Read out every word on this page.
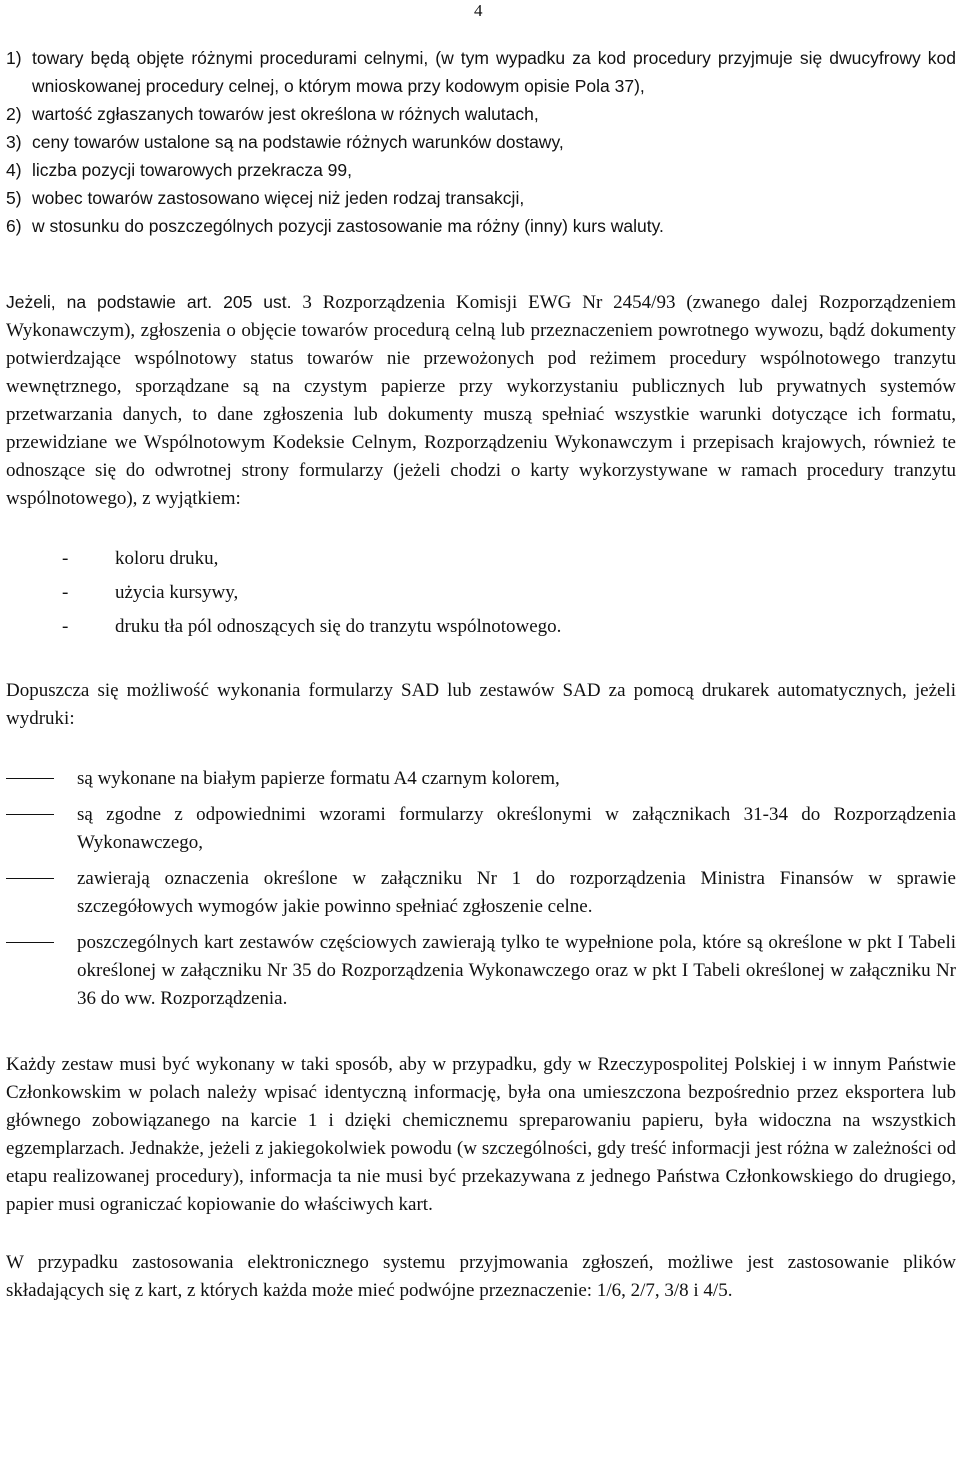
4
1) towary będą objęte różnymi procedurami celnymi, (w tym wypadku za kod procedury przyjmuje się dwucyfrowy kod wnioskowanej procedury celnej, o którym mowa przy kodowym opisie Pola 37),
2) wartość zgłaszanych towarów jest określona w różnych walutach,
3) ceny towarów ustalone są na podstawie różnych warunków dostawy,
4) liczba pozycji towarowych przekracza 99,
5) wobec towarów zastosowano więcej niż jeden rodzaj transakcji,
6) w stosunku do poszczególnych pozycji zastosowanie ma różny (inny) kurs waluty.

Jeżeli, na podstawie art. 205 ust. 3 Rozporządzenia Komisji EWG Nr 2454/93 (zwanego dalej Rozporządzeniem Wykonawczym), zgłoszenia o objęcie towarów procedurą celną lub przeznaczeniem powrotnego wywozu, bądź dokumenty potwierdzające wspólnotowy status towarów nie przewożonych pod reżimem procedury wspólnotowego tranzytu wewnętrznego, sporządzane są na czystym papierze przy wykorzystaniu publicznych lub prywatnych systemów przetwarzania danych, to dane zgłoszenia lub dokumenty muszą spełniać wszystkie warunki dotyczące ich formatu, przewidziane we Wspólnotowym Kodeksie Celnym, Rozporządzeniu Wykonawczym i przepisach krajowych, również te odnoszące się do odwrotnej strony formularzy (jeżeli chodzi o karty wykorzystywane w ramach procedury tranzytu wspólnotowego), z wyjątkiem:

- koloru druku,
- użycia kursywy,
- druku tła pól odnoszących się do tranzytu wspólnotowego.

Dopuszcza się możliwość wykonania formularzy SAD lub zestawów SAD za pomocą drukarek automatycznych, jeżeli wydruki:

są wykonane na białym papierze formatu A4 czarnym kolorem,
są zgodne z odpowiednimi wzorami formularzy określonymi w załącznikach 31-34 do Rozporządzenia Wykonawczego,
zawierają oznaczenia określone w załączniku Nr 1 do rozporządzenia Ministra Finansów w sprawie szczegółowych wymogów jakie powinno spełniać zgłoszenie celne.
poszczególnych kart zestawów częściowych zawierają tylko te wypełnione pola, które są określone w pkt I Tabeli określonej w załączniku Nr 35 do Rozporządzenia Wykonawczego oraz w pkt I Tabeli określonej w załączniku Nr 36 do ww. Rozporządzenia.

Każdy zestaw musi być wykonany w taki sposób, aby w przypadku, gdy w Rzeczypospolitej Polskiej i w innym Państwie Członkowskim w polach należy wpisać identyczną informację, była ona umieszczona bezpośrednio przez eksportera lub głównego zobowiązanego na karcie 1 i dzięki chemicznemu spreparowaniu papieru, była widoczna na wszystkich egzemplarzach. Jednakże, jeżeli z jakiegokolwiek powodu (w szczególności, gdy treść informacji jest różna w zależności od etapu realizowanej procedury), informacja ta nie musi być przekazywana z jednego Państwa Członkowskiego do drugiego, papier musi ograniczać kopiowanie do właściwych kart.

W przypadku zastosowania elektronicznego systemu przyjmowania zgłoszeń, możliwe jest zastosowanie plików składających się z kart, z których każda może mieć podwójne przeznaczenie: 1/6, 2/7, 3/8 i 4/5.
